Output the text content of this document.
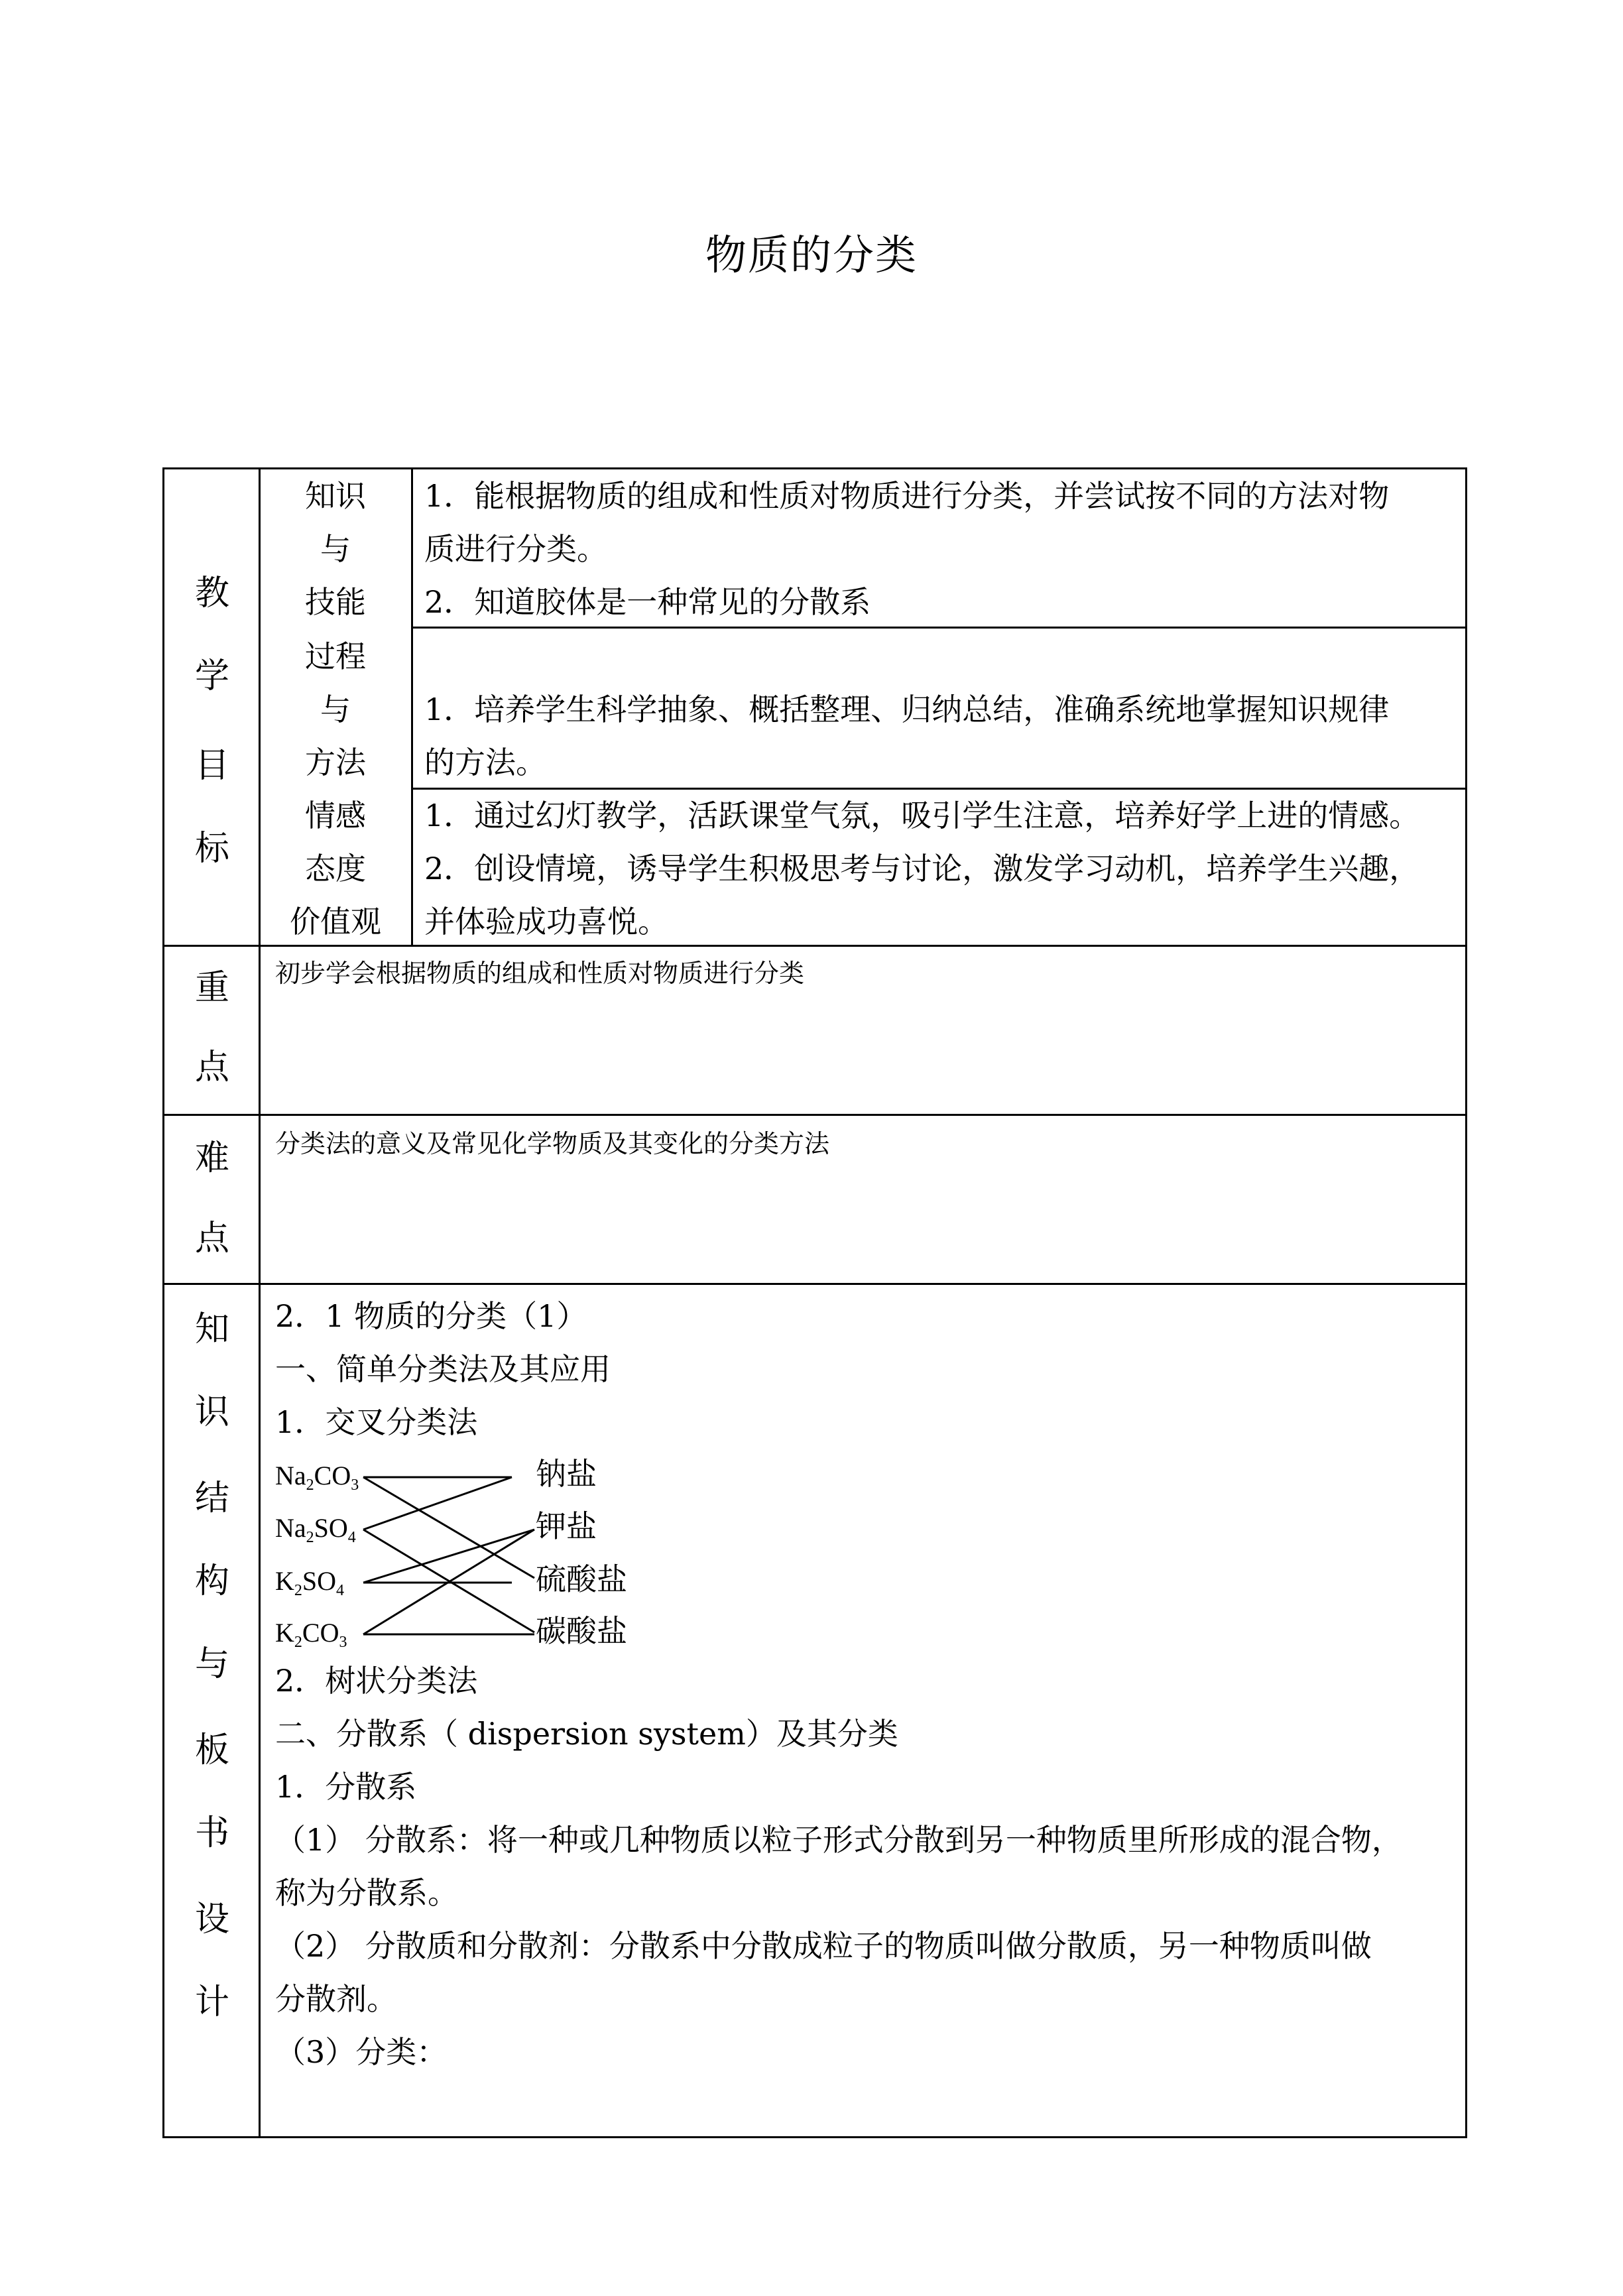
物质的分类
教
学
目
标
知识
与
技能
1．能根据物质的组成和性质对物质进行分类，并尝试按不同的方法对物
质进行分类。
2．知道胶体是一种常见的分散系
过程
与
方法
1．培养学生科学抽象、概括整理、归纳总结，准确系统地掌握知识规律
的方法。
情感
态度
价值观
1．通过幻灯教学，活跃课堂气氛，吸引学生注意，培养好学上进的情感。
2．创设情境，诱导学生积极思考与讨论，激发学习动机，培养学生兴趣，
并体验成功喜悦。
重
点
初步学会根据物质的组成和性质对物质进行分类
难
点
分类法的意义及常见化学物质及其变化的分类方法
知
识
结
构
与
板
书
设
计
2．1 物质的分类（1）
一、简单分类法及其应用
1．交叉分类法
$Na_2CO_3$
$Na_2SO_4$
$K_2SO_4$
$K_2CO_3$
钠盐
钾盐
硫酸盐
碳酸盐
2．树状分类法
二、分散系（ dispersion system）及其分类
1．分散系
（1） 分散系：将一种或几种物质以粒子形式分散到另一种物质里所形成的混合物，
称为分散系。
（2） 分散质和分散剂：分散系中分散成粒子的物质叫做分散质，另一种物质叫做
分散剂。
（3）分类：
